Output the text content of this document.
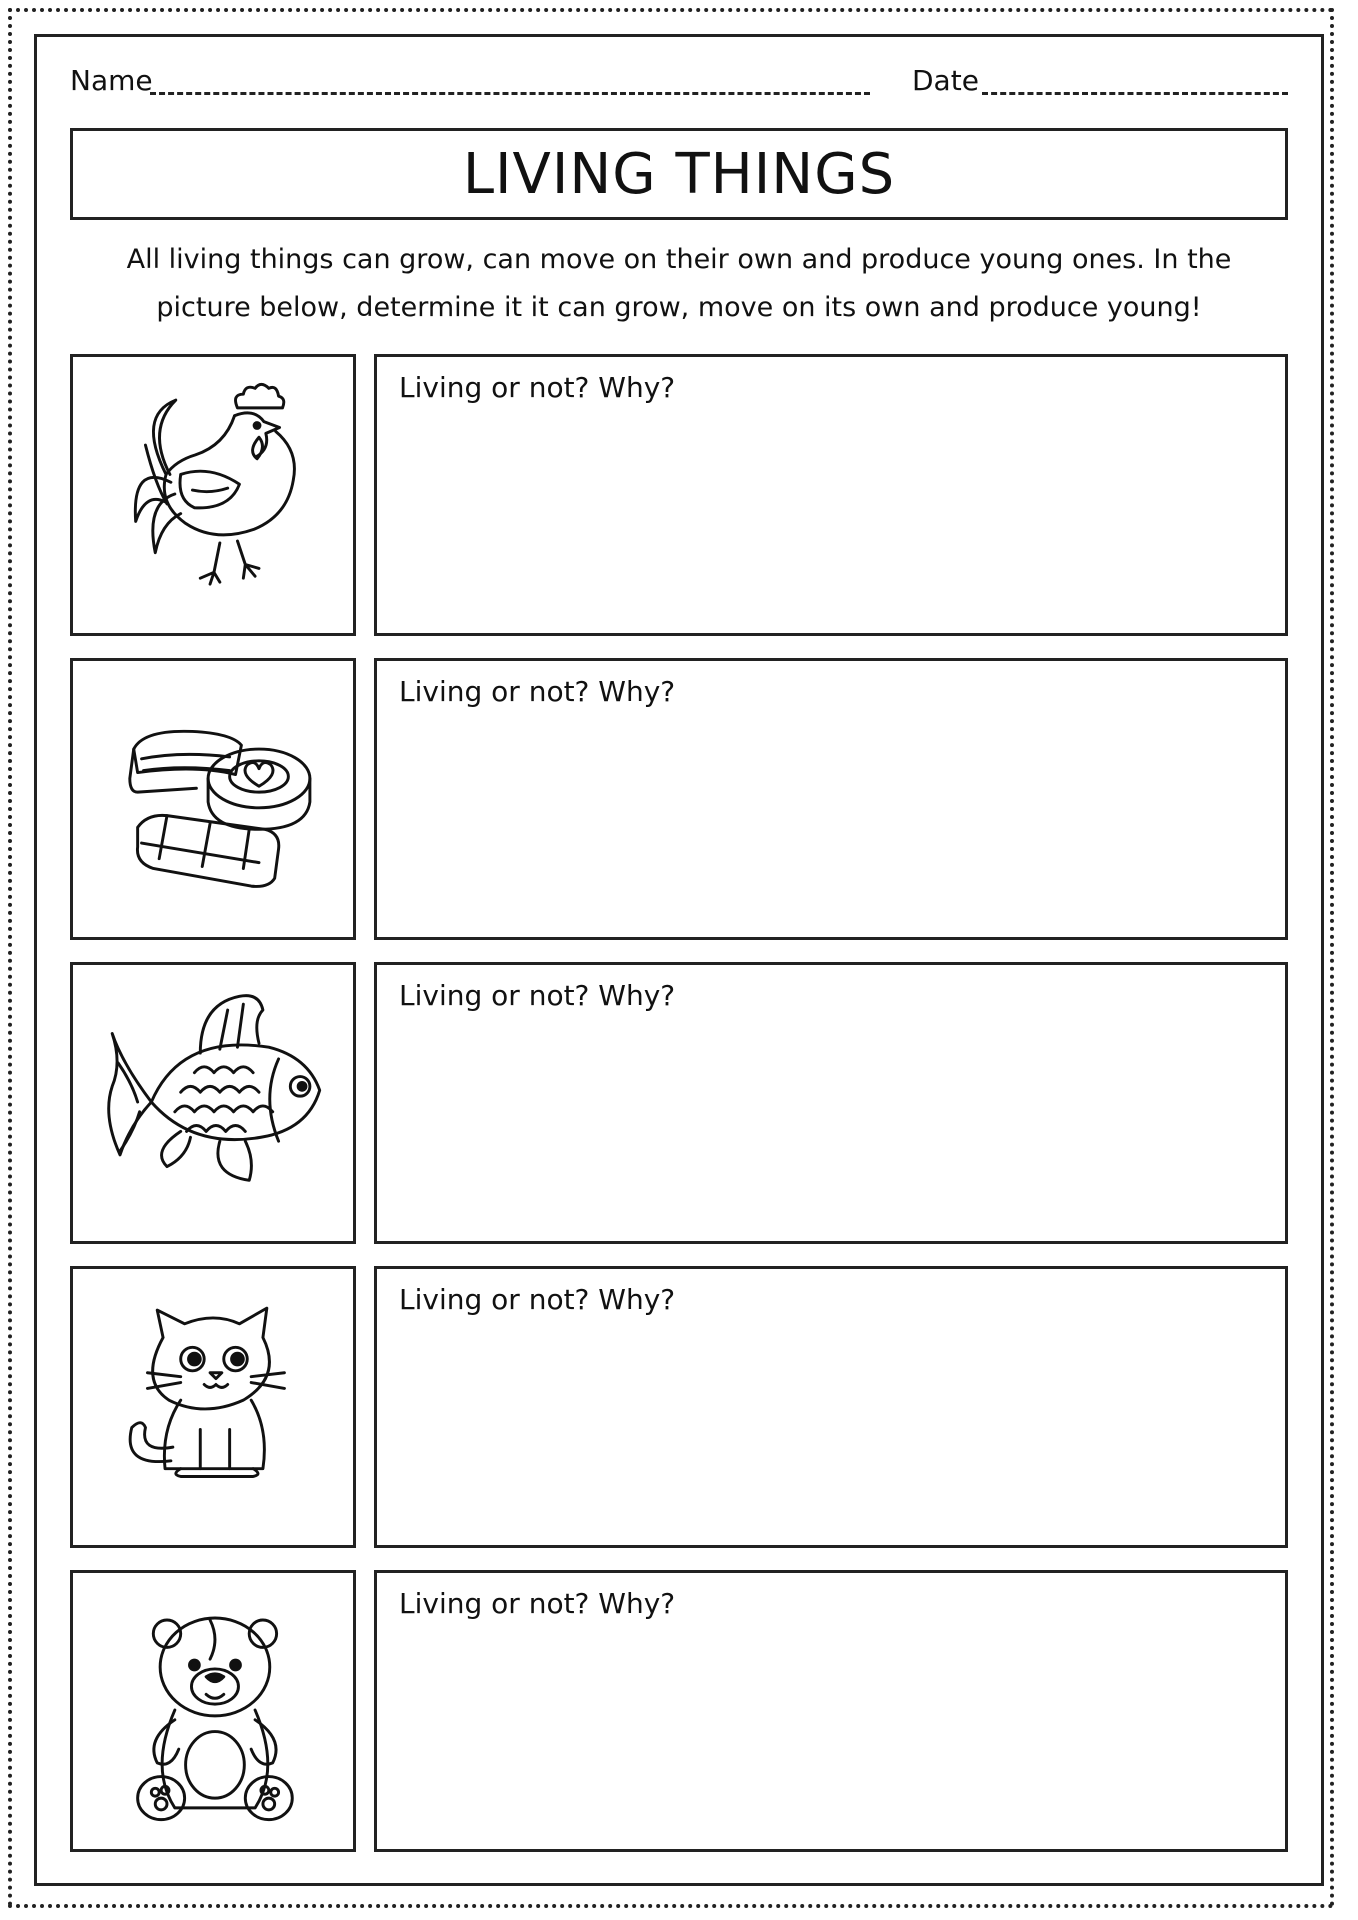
Name	Date
LIVING THINGS
All living things can grow, can move on their own and produce young ones. In the picture below, determine it it can grow, move on its own and produce young!
Living or not? Why?
Living or not? Why?
Living or not? Why?
Living or not? Why?
Living or not? Why?
